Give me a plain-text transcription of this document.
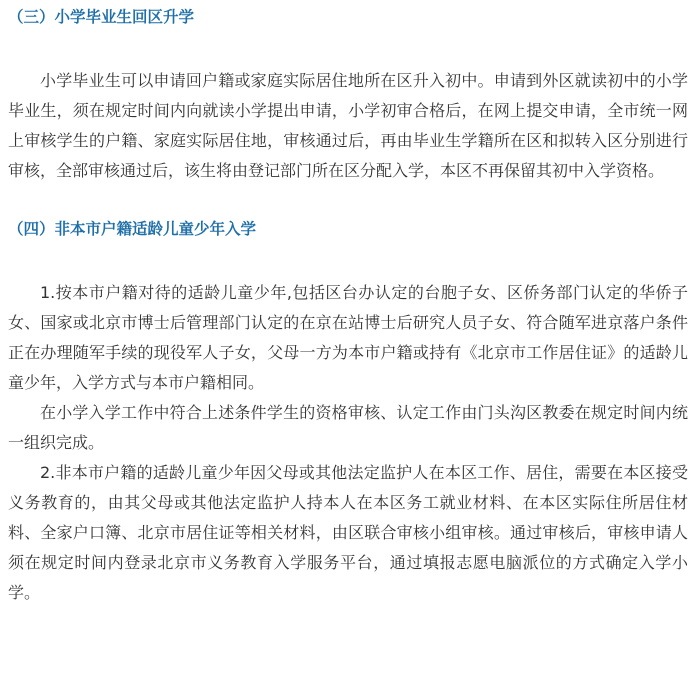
（三）小学毕业生回区升学

小学毕业生可以申请回户籍或家庭实际居住地所在区升入初中。申请到外区就读初中的小学毕业生，须在规定时间内向就读小学提出申请，小学初审合格后，在网上提交申请，全市统一网上审核学生的户籍、家庭实际居住地，审核通过后，再由毕业生学籍所在区和拟转入区分别进行审核，全部审核通过后，该生将由登记部门所在区分配入学，本区不再保留其初中入学资格。

（四）非本市户籍适龄儿童少年入学

1.按本市户籍对待的适龄儿童少年,包括区台办认定的台胞子女、区侨务部门认定的华侨子女、国家或北京市博士后管理部门认定的在京在站博士后研究人员子女、符合随军进京落户条件正在办理随军手续的现役军人子女，父母一方为本市户籍或持有《北京市工作居住证》的适龄儿童少年，入学方式与本市户籍相同。

在小学入学工作中符合上述条件学生的资格审核、认定工作由门头沟区教委在规定时间内统一组织完成。

2.非本市户籍的适龄儿童少年因父母或其他法定监护人在本区工作、居住，需要在本区接受义务教育的，由其父母或其他法定监护人持本人在本区务工就业材料、在本区实际住所居住材料、全家户口簿、北京市居住证等相关材料，由区联合审核小组审核。通过审核后，审核申请人须在规定时间内登录北京市义务教育入学服务平台，通过填报志愿电脑派位的方式确定入学小学。
